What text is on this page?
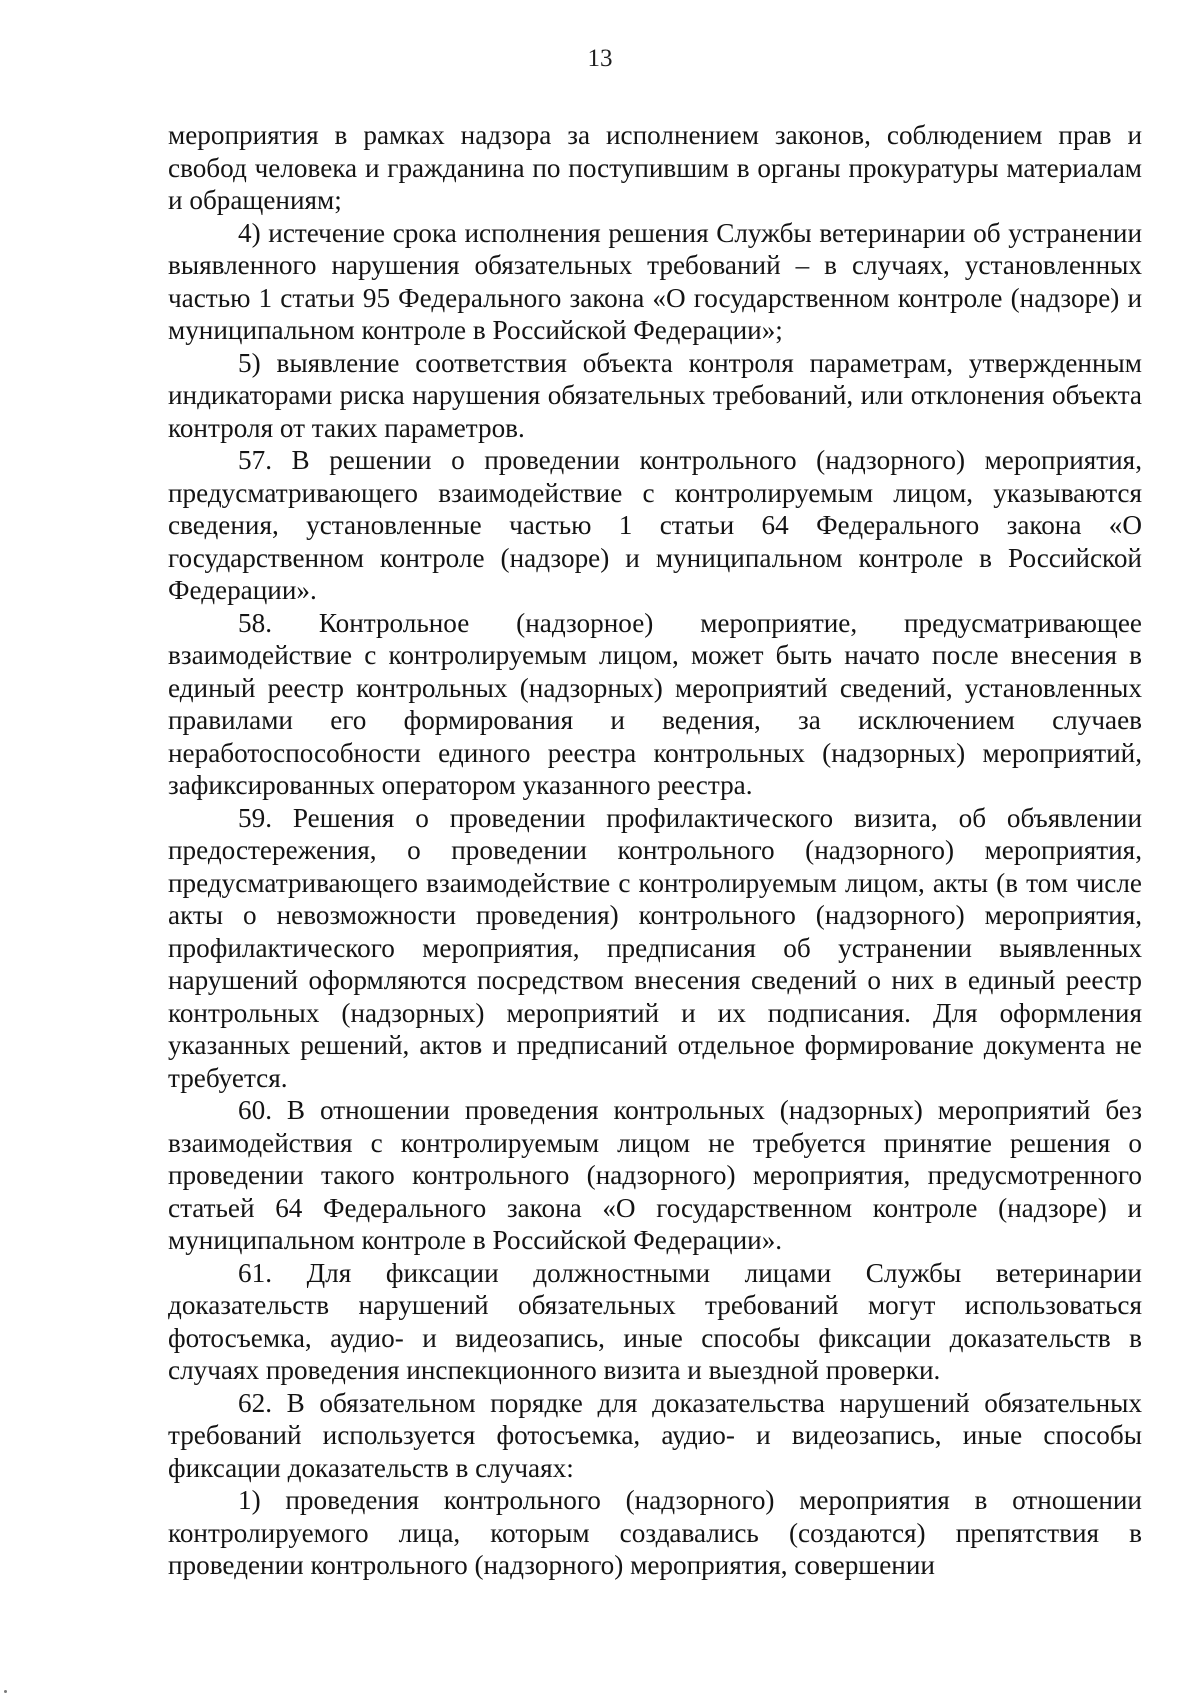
13

мероприятия в рамках надзора за исполнением законов, соблюдением прав и свобод человека и гражданина по поступившим в органы прокуратуры материалам и обращениям;

4) истечение срока исполнения решения Службы ветеринарии об устранении выявленного нарушения обязательных требований – в случаях, установленных частью 1 статьи 95 Федерального закона «О государственном контроле (надзоре) и муниципальном контроле в Российской Федерации»;

5) выявление соответствия объекта контроля параметрам, утвержденным индикаторами риска нарушения обязательных требований, или отклонения объекта контроля от таких параметров.

57. В решении о проведении контрольного (надзорного) мероприятия, предусматривающего взаимодействие с контролируемым лицом, указываются сведения, установленные частью 1 статьи 64 Федерального закона «О государственном контроле (надзоре) и муниципальном контроле в Российской Федерации».

58. Контрольное (надзорное) мероприятие, предусматривающее взаимодействие с контролируемым лицом, может быть начато после внесения в единый реестр контрольных (надзорных) мероприятий сведений, установленных правилами его формирования и ведения, за исключением случаев неработоспособности единого реестра контрольных (надзорных) мероприятий, зафиксированных оператором указанного реестра.

59. Решения о проведении профилактического визита, об объявлении предостережения, о проведении контрольного (надзорного) мероприятия, предусматривающего взаимодействие с контролируемым лицом, акты (в том числе акты о невозможности проведения) контрольного (надзорного) мероприятия, профилактического мероприятия, предписания об устранении выявленных нарушений оформляются посредством внесения сведений о них в единый реестр контрольных (надзорных) мероприятий и их подписания. Для оформления указанных решений, актов и предписаний отдельное формирование документа не требуется.

60. В отношении проведения контрольных (надзорных) мероприятий без взаимодействия с контролируемым лицом не требуется принятие решения о проведении такого контрольного (надзорного) мероприятия, предусмотренного статьей 64 Федерального закона «О государственном контроле (надзоре) и муниципальном контроле в Российской Федерации».

61. Для фиксации должностными лицами Службы ветеринарии доказательств нарушений обязательных требований могут использоваться фотосъемка, аудио- и видеозапись, иные способы фиксации доказательств в случаях проведения инспекционного визита и выездной проверки.

62. В обязательном порядке для доказательства нарушений обязательных требований используется фотосъемка, аудио- и видеозапись, иные способы фиксации доказательств в случаях:

1) проведения контрольного (надзорного) мероприятия в отношении контролируемого лица, которым создавались (создаются) препятствия в проведении контрольного (надзорного) мероприятия, совершении
